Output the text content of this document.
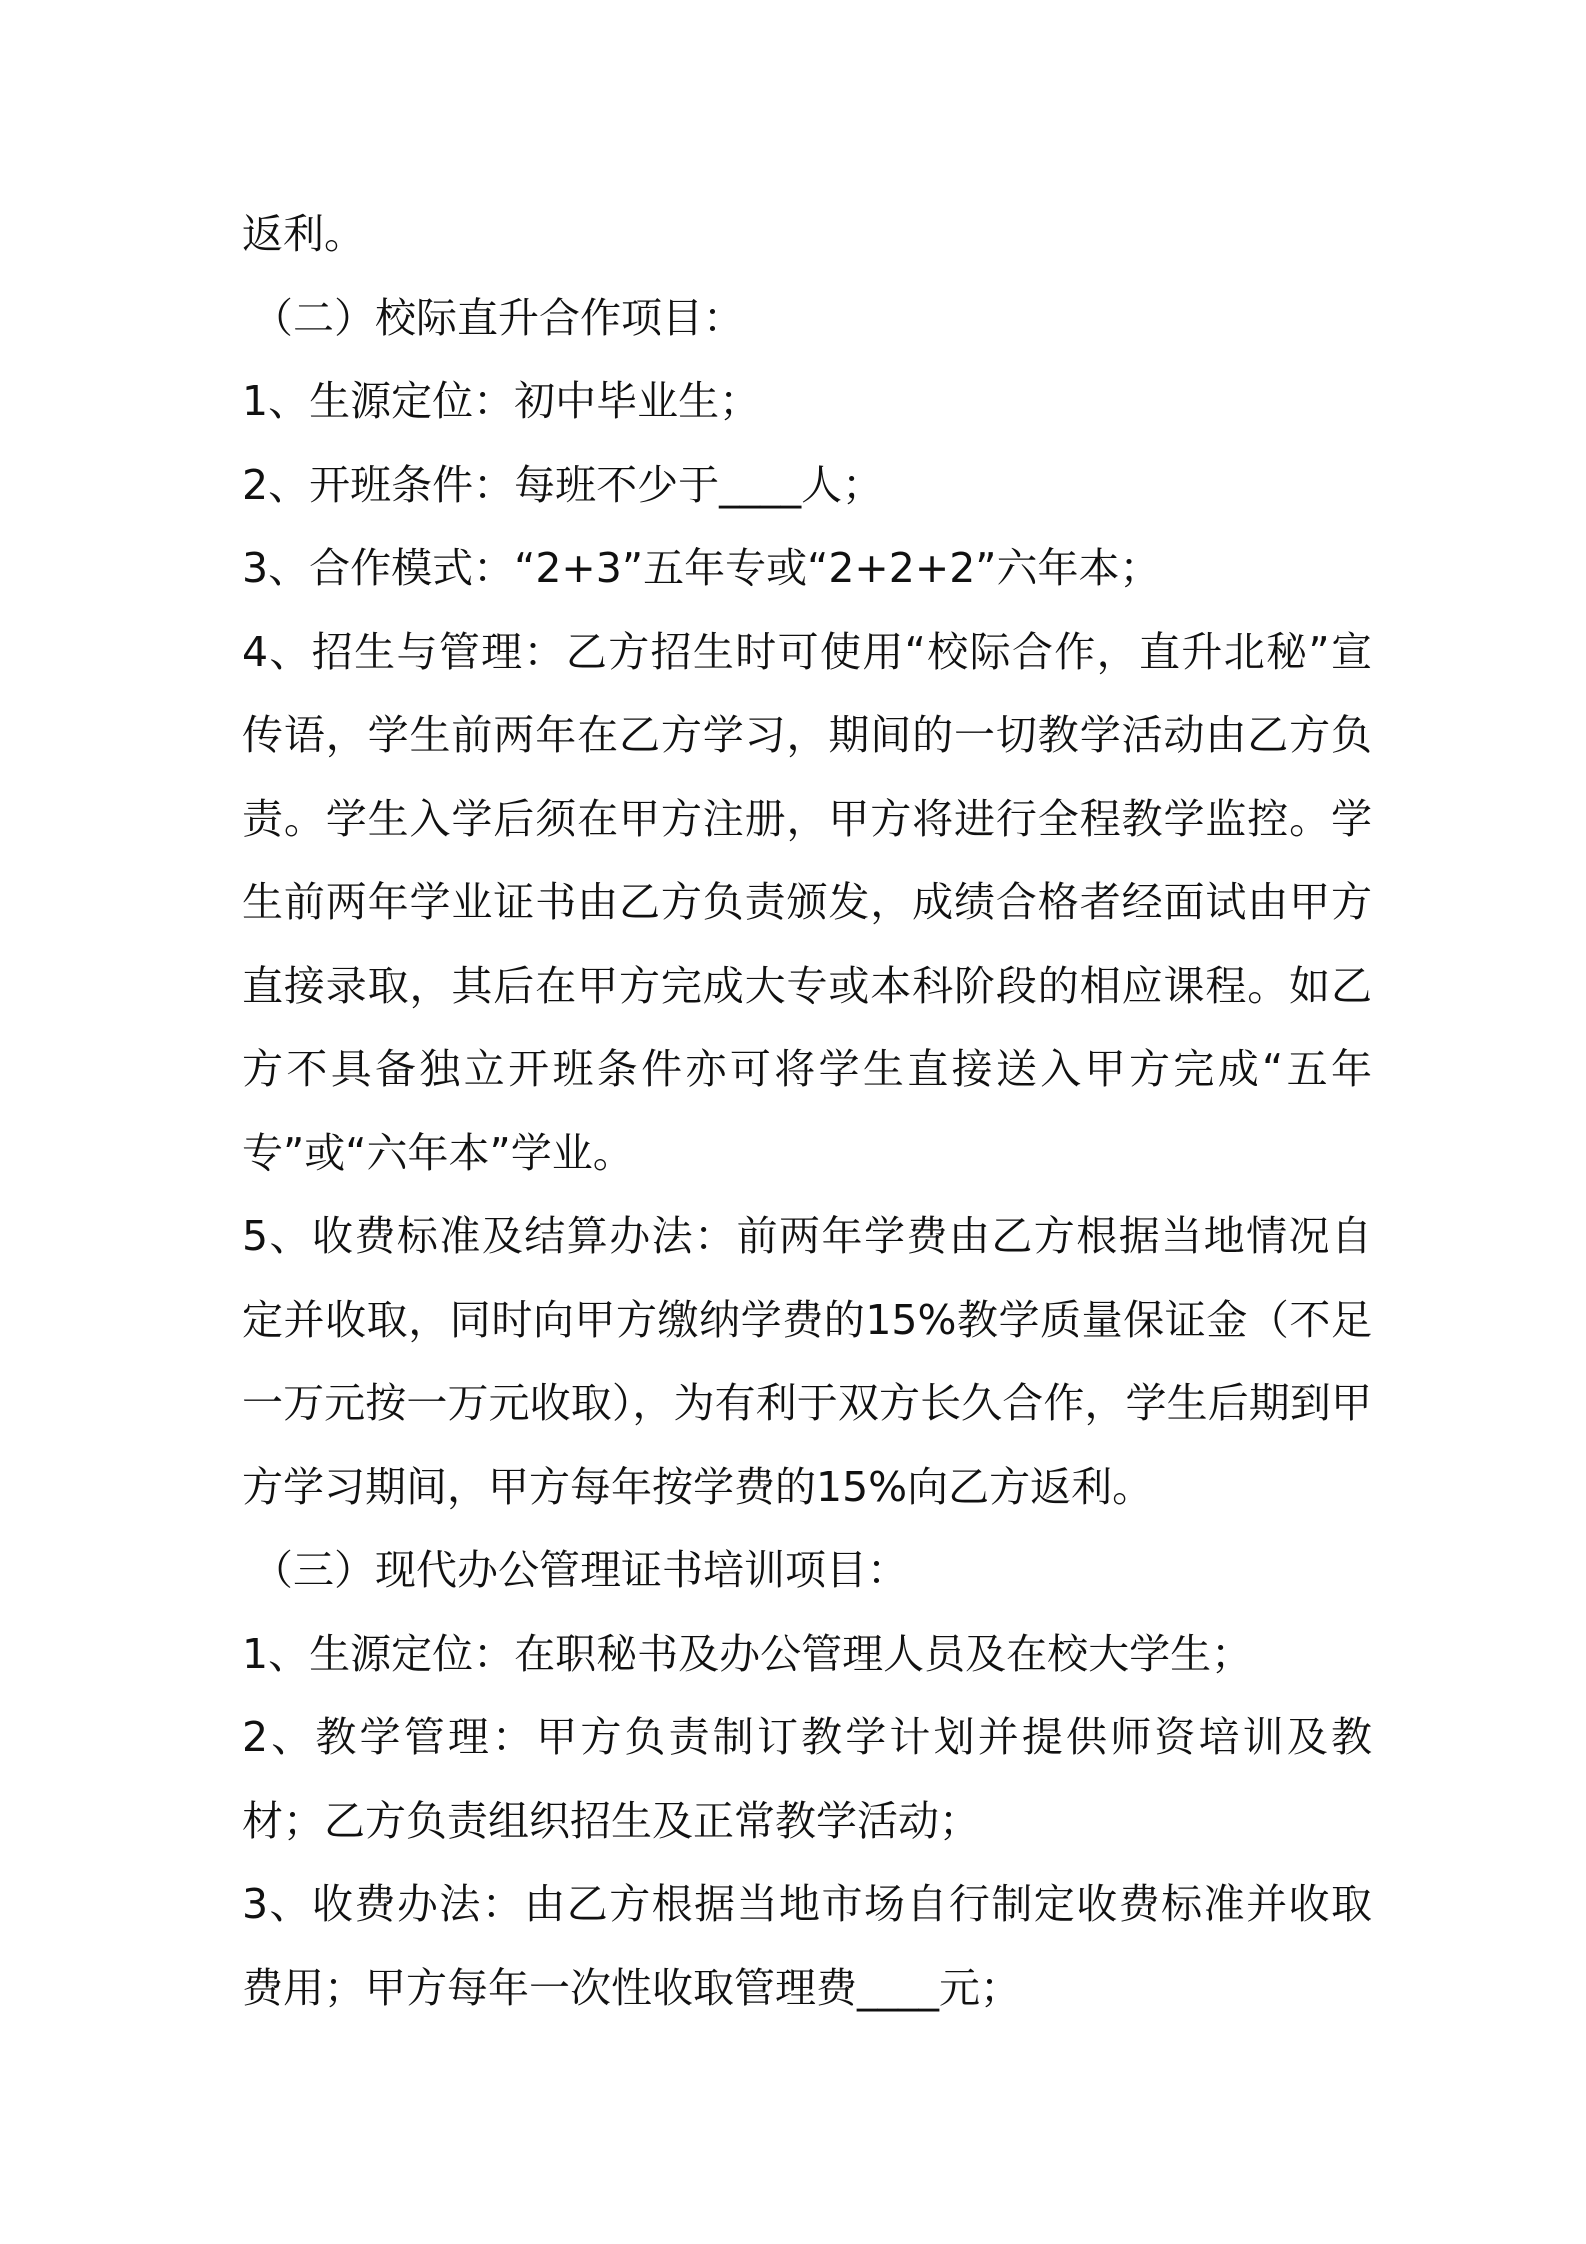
返利。

（二）校际直升合作项目：

1、生源定位：初中毕业生；

2、开班条件：每班不少于____人；

3、合作模式：“2+3”五年专或“2+2+2”六年本；

4、招生与管理：乙方招生时可使用“校际合作，直升北秘”宣传语，学生前两年在乙方学习，期间的一切教学活动由乙方负责。学生入学后须在甲方注册，甲方将进行全程教学监控。学生前两年学业证书由乙方负责颁发，成绩合格者经面试由甲方直接录取，其后在甲方完成大专或本科阶段的相应课程。如乙方不具备独立开班条件亦可将学生直接送入甲方完成“五年专”或“六年本”学业。

5、收费标准及结算办法：前两年学费由乙方根据当地情况自定并收取，同时向甲方缴纳学费的15%教学质量保证金（不足一万元按一万元收取），为有利于双方长久合作，学生后期到甲方学习期间，甲方每年按学费的15%向乙方返利。

（三）现代办公管理证书培训项目：

1、生源定位：在职秘书及办公管理人员及在校大学生；

2、教学管理：甲方负责制订教学计划并提供师资培训及教材；乙方负责组织招生及正常教学活动；

3、收费办法：由乙方根据当地市场自行制定收费标准并收取费用；甲方每年一次性收取管理费____元；
